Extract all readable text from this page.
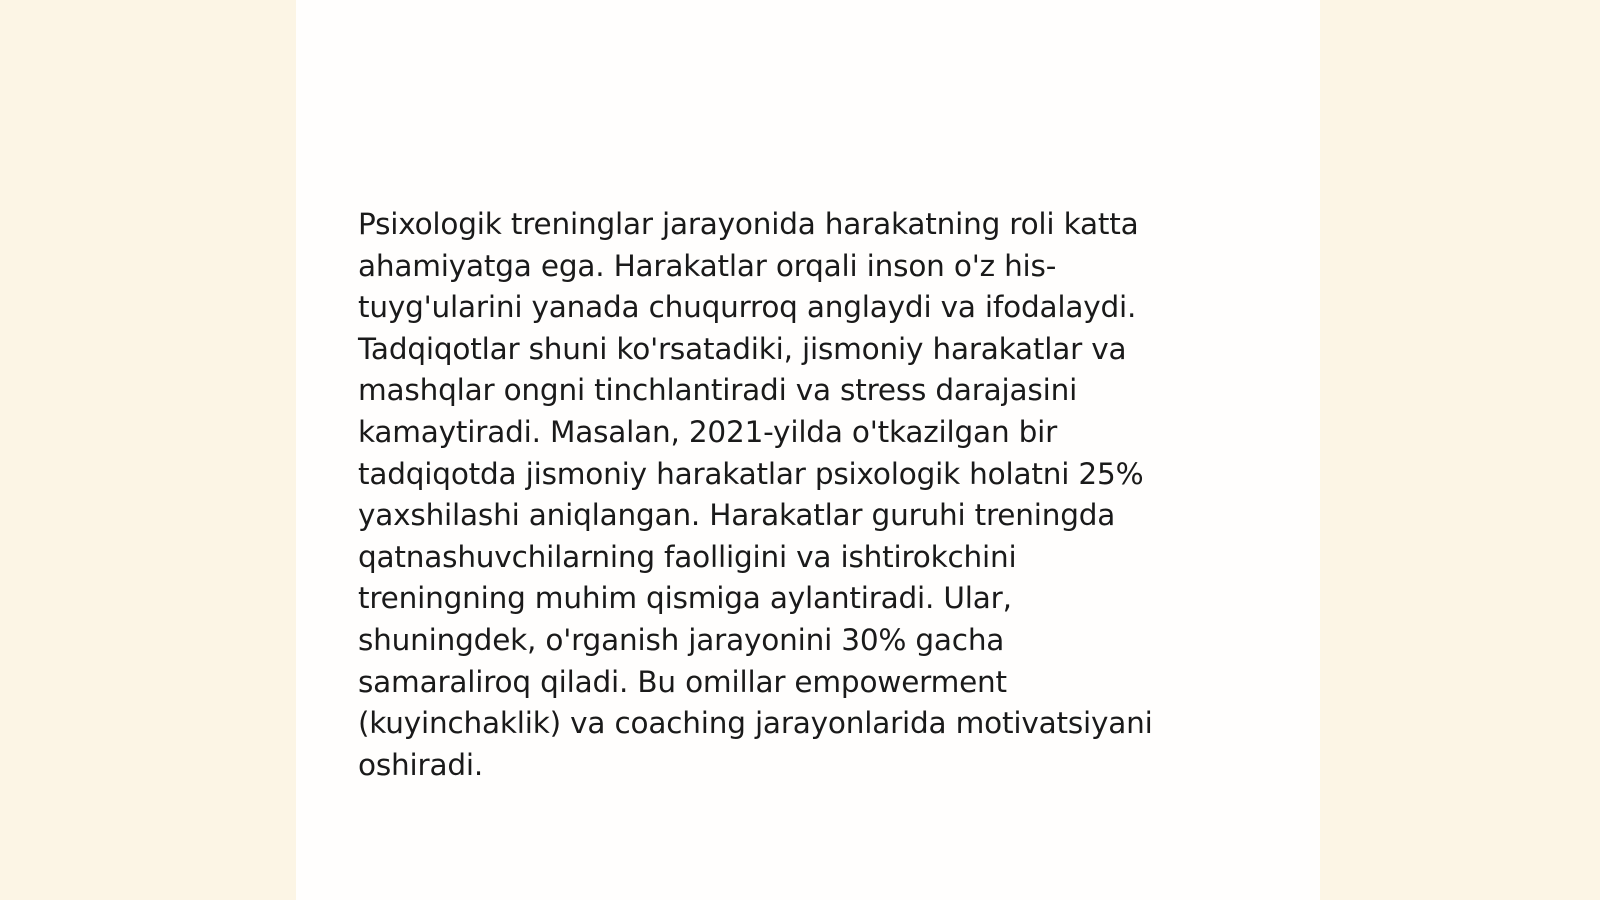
Psixologik treninglar jarayonida harakatning roli katta
ahamiyatga ega. Harakatlar orqali inson o'z his-
tuyg'ularini yanada chuqurroq anglaydi va ifodalaydi.
Tadqiqotlar shuni ko'rsatadiki, jismoniy harakatlar va
mashqlar ongni tinchlantiradi va stress darajasini
kamaytiradi. Masalan, 2021-yilda o'tkazilgan bir
tadqiqotda jismoniy harakatlar psixologik holatni 25%
yaxshilashi aniqlangan. Harakatlar guruhi treningda
qatnashuvchilarning faolligini va ishtirokchini
treningning muhim qismiga aylantiradi. Ular,
shuningdek, o'rganish jarayonini 30% gacha
samaraliroq qiladi. Bu omillar empowerment
(kuyinchaklik) va coaching jarayonlarida motivatsiyani
oshiradi.
